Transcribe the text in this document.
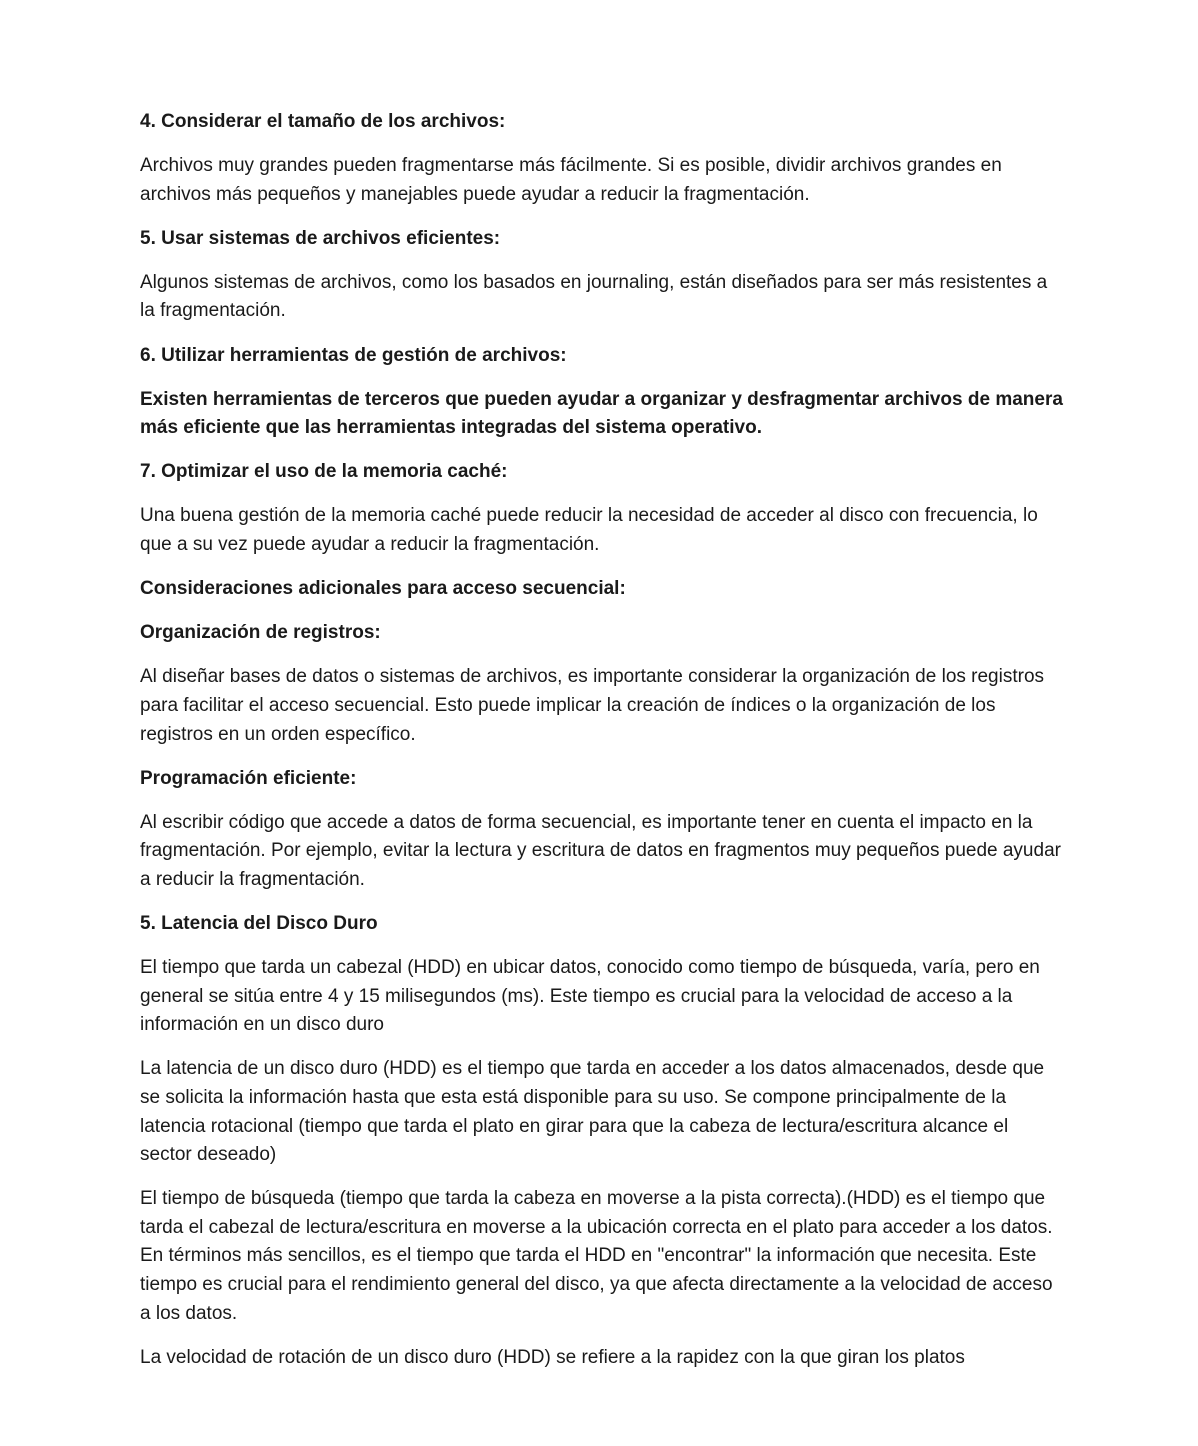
4. Considerar el tamaño de los archivos:

Archivos muy grandes pueden fragmentarse más fácilmente. Si es posible, dividir archivos grandes en archivos más pequeños y manejables puede ayudar a reducir la fragmentación.

5. Usar sistemas de archivos eficientes:

Algunos sistemas de archivos, como los basados en journaling, están diseñados para ser más resistentes a la fragmentación.

6. Utilizar herramientas de gestión de archivos:

Existen herramientas de terceros que pueden ayudar a organizar y desfragmentar archivos de manera más eficiente que las herramientas integradas del sistema operativo.

7. Optimizar el uso de la memoria caché:

Una buena gestión de la memoria caché puede reducir la necesidad de acceder al disco con frecuencia, lo que a su vez puede ayudar a reducir la fragmentación.

Consideraciones adicionales para acceso secuencial:

Organización de registros:

Al diseñar bases de datos o sistemas de archivos, es importante considerar la organización de los registros para facilitar el acceso secuencial. Esto puede implicar la creación de índices o la organización de los registros en un orden específico.

Programación eficiente:

Al escribir código que accede a datos de forma secuencial, es importante tener en cuenta el impacto en la fragmentación. Por ejemplo, evitar la lectura y escritura de datos en fragmentos muy pequeños puede ayudar a reducir la fragmentación.

5. Latencia del Disco Duro

El tiempo que tarda un cabezal (HDD) en ubicar datos, conocido como tiempo de búsqueda, varía, pero en general se sitúa entre 4 y 15 milisegundos (ms). Este tiempo es crucial para la velocidad de acceso a la información en un disco duro

La latencia de un disco duro (HDD) es el tiempo que tarda en acceder a los datos almacenados, desde que se solicita la información hasta que esta está disponible para su uso. Se compone principalmente de la latencia rotacional (tiempo que tarda el plato en girar para que la cabeza de lectura/escritura alcance el sector deseado)

El tiempo de búsqueda (tiempo que tarda la cabeza en moverse a la pista correcta).(HDD) es el tiempo que tarda el cabezal de lectura/escritura en moverse a la ubicación correcta en el plato para acceder a los datos. En términos más sencillos, es el tiempo que tarda el HDD en "encontrar" la información que necesita. Este tiempo es crucial para el rendimiento general del disco, ya que afecta directamente a la velocidad de acceso a los datos.

La velocidad de rotación de un disco duro (HDD) se refiere a la rapidez con la que giran los platos
